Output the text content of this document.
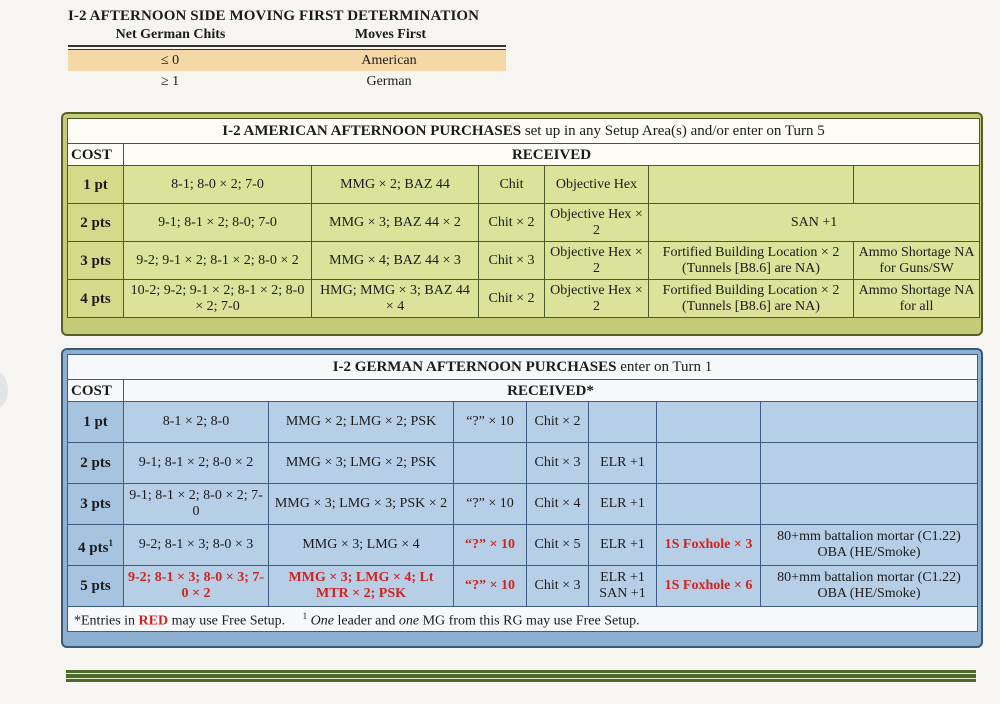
I-2 AFTERNOON SIDE MOVING FIRST DETERMINATION
Net German Chits	Moves First
≤ 0	American
≥ 1	German
I-2 AMERICAN AFTERNOON PURCHASES set up in any Setup Area(s) and/or enter on Turn 5						
COST	RECEIVED					
1 pt	8-1; 8-0 × 2; 7-0	MMG × 2; BAZ 44	Chit	Objective Hex		
2 pts	9-1; 8-1 × 2; 8-0; 7-0	MMG × 3; BAZ 44 × 2	Chit × 2	Objective Hex × 2	SAN +1	
3 pts	9-2; 9-1 × 2; 8-1 × 2; 8-0 × 2	MMG × 4; BAZ 44 × 3	Chit × 3	Objective Hex × 2	Fortified Building Location × 2 (Tunnels [B8.6] are NA)	Ammo Shortage NA for Guns/SW
4 pts	10-2; 9-2; 9-1 × 2; 8-1 × 2; 8-0 × 2; 7-0	HMG; MMG × 3; BAZ 44 × 4	Chit × 2	Objective Hex × 2	Fortified Building Location × 2 (Tunnels [B8.6] are NA)	Ammo Shortage NA for all
I-2 GERMAN AFTERNOON PURCHASES enter on Turn 1							
COST	RECEIVED*						
1 pt	8-1 × 2; 8-0	MMG × 2; LMG × 2; PSK	“?” × 10	Chit × 2			
2 pts	9-1; 8-1 × 2; 8-0 × 2	MMG × 3; LMG × 2; PSK		Chit × 3	ELR +1		
3 pts	9-1; 8-1 × 2; 8-0 × 2; 7-0	MMG × 3; LMG × 3; PSK × 2	“?” × 10	Chit × 4	ELR +1		
4 pts$^1$	9-2; 8-1 × 3; 8-0 × 3	MMG × 3; LMG × 4	“?” × 10	Chit × 5	ELR +1	1S Foxhole × 3	80+mm battalion mortar (C1.22) OBA (HE/Smoke)
5 pts	9-2; 8-1 × 3; 8-0 × 3; 7-0 × 2	MMG × 3; LMG × 4; Lt MTR × 2; PSK	“?” × 10	Chit × 3	ELR +1 SAN +1	1S Foxhole × 6	80+mm battalion mortar (C1.22) OBA (HE/Smoke)
*Entries in RED may use Free Setup. $^1$ One leader and one MG from this RG may use Free Setup.							
